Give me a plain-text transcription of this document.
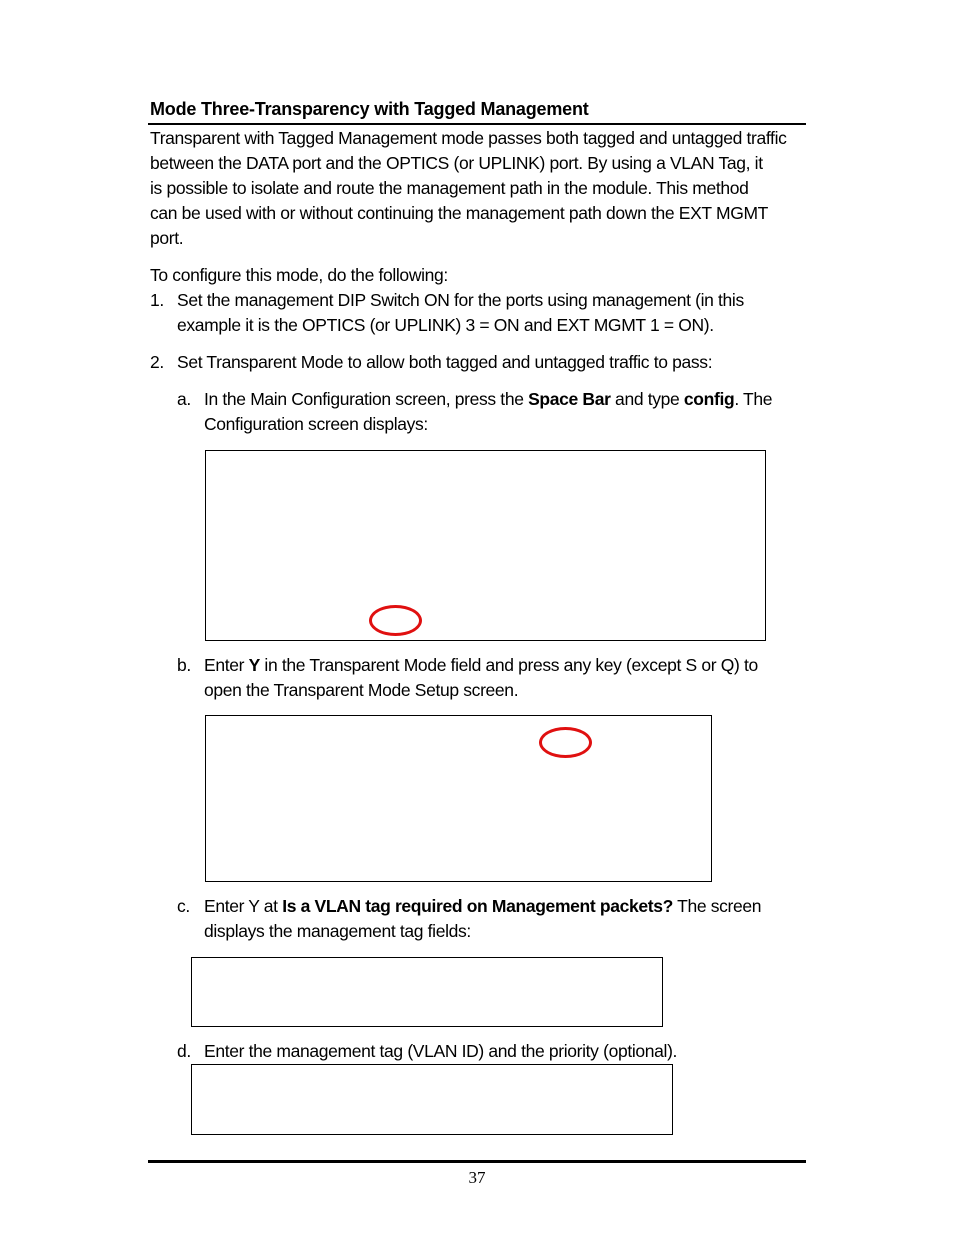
Mode Three-Transparency with Tagged Management
Transparent with Tagged Management mode passes both tagged and untagged traffic
between the DATA port and the OPTICS (or UPLINK) port. By using a VLAN Tag, it
is possible to isolate and route the management path in the module. This method
can be used with or without continuing the management path down the EXT MGMT
port.
To configure this mode, do the following:
1. Set the management DIP Switch ON for the ports using management (in this
example it is the OPTICS (or UPLINK) 3 = ON and EXT MGMT 1 = ON).
2. Set Transparent Mode to allow both tagged and untagged traffic to pass:
a. In the Main Configuration screen, press the Space Bar and type config. The
Configuration screen displays:
b. Enter Y in the Transparent Mode field and press any key (except S or Q) to
open the Transparent Mode Setup screen.
c. Enter Y at Is a VLAN tag required on Management packets? The screen
displays the management tag fields:
d. Enter the management tag (VLAN ID) and the priority (optional).
37
